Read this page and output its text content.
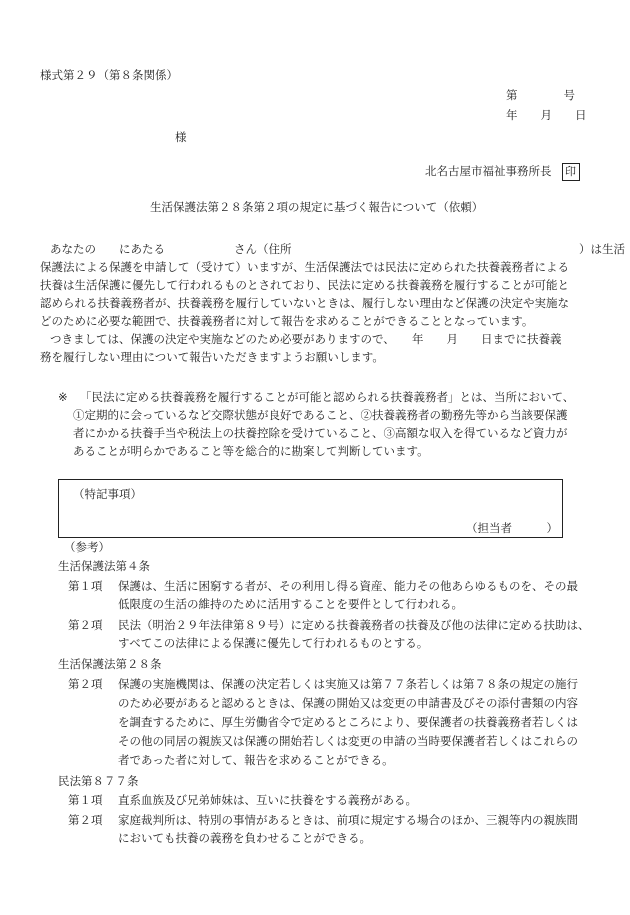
様式第２９（第８条関係）
第　　　　号
年　　月　　日
様
北名古屋市福祉事務所長 印
生活保護法第２８条第２項の規定に基づく報告について（依頼）
あなたの　　にあたる　　　　　　さん（住所　　　　　　　　　　　　　　　　　　　　　　　　　）は生活
保護法による保護を申請して（受けて）いますが、生活保護法では民法に定められた扶養義務者による
扶養は生活保護に優先して行われるものとされており、民法に定める扶養義務を履行することが可能と
認められる扶養義務者が、扶養義務を履行していないときは、履行しない理由など保護の決定や実施な
どのために必要な範囲で、扶養義務者に対して報告を求めることができることとなっています。
つきましては、保護の決定や実施などのため必要がありますので、　　年　　月　　日までに扶養義
務を履行しない理由について報告いただきますようお願いします。
※ 「民法に定める扶養義務を履行することが可能と認められる扶養義務者」とは、当所において、
①定期的に会っているなど交際状態が良好であること、②扶養義務者の勤務先等から当該要保護
者にかかる扶養手当や税法上の扶養控除を受けていること、③高額な収入を得ているなど資力が
あることが明らかであること等を総合的に勘案して判断しています。
（特記事項）
（担当者　　　）
（参考）
生活保護法第４条
第１項	保護は、生活に困窮する者が、その利用し得る資産、能力その他あらゆるものを、その最
低限度の生活の維持のために活用することを要件として行われる。
第２項	民法（明治２９年法律第８９号）に定める扶養義務者の扶養及び他の法律に定める扶助は、
すべてこの法律による保護に優先して行われるものとする。
生活保護法第２８条
第２項	保護の実施機関は、保護の決定若しくは実施又は第７７条若しくは第７８条の規定の施行
のため必要があると認めるときは、保護の開始又は変更の申請書及びその添付書類の内容
を調査するために、厚生労働省令で定めるところにより、要保護者の扶養義務者若しくは
その他の同居の親族又は保護の開始若しくは変更の申請の当時要保護者若しくはこれらの
者であった者に対して、報告を求めることができる。
民法第８７７条
第１項	直系血族及び兄弟姉妹は、互いに扶養をする義務がある。
第２項	家庭裁判所は、特別の事情があるときは、前項に規定する場合のほか、三親等内の親族間
においても扶養の義務を負わせることができる。
